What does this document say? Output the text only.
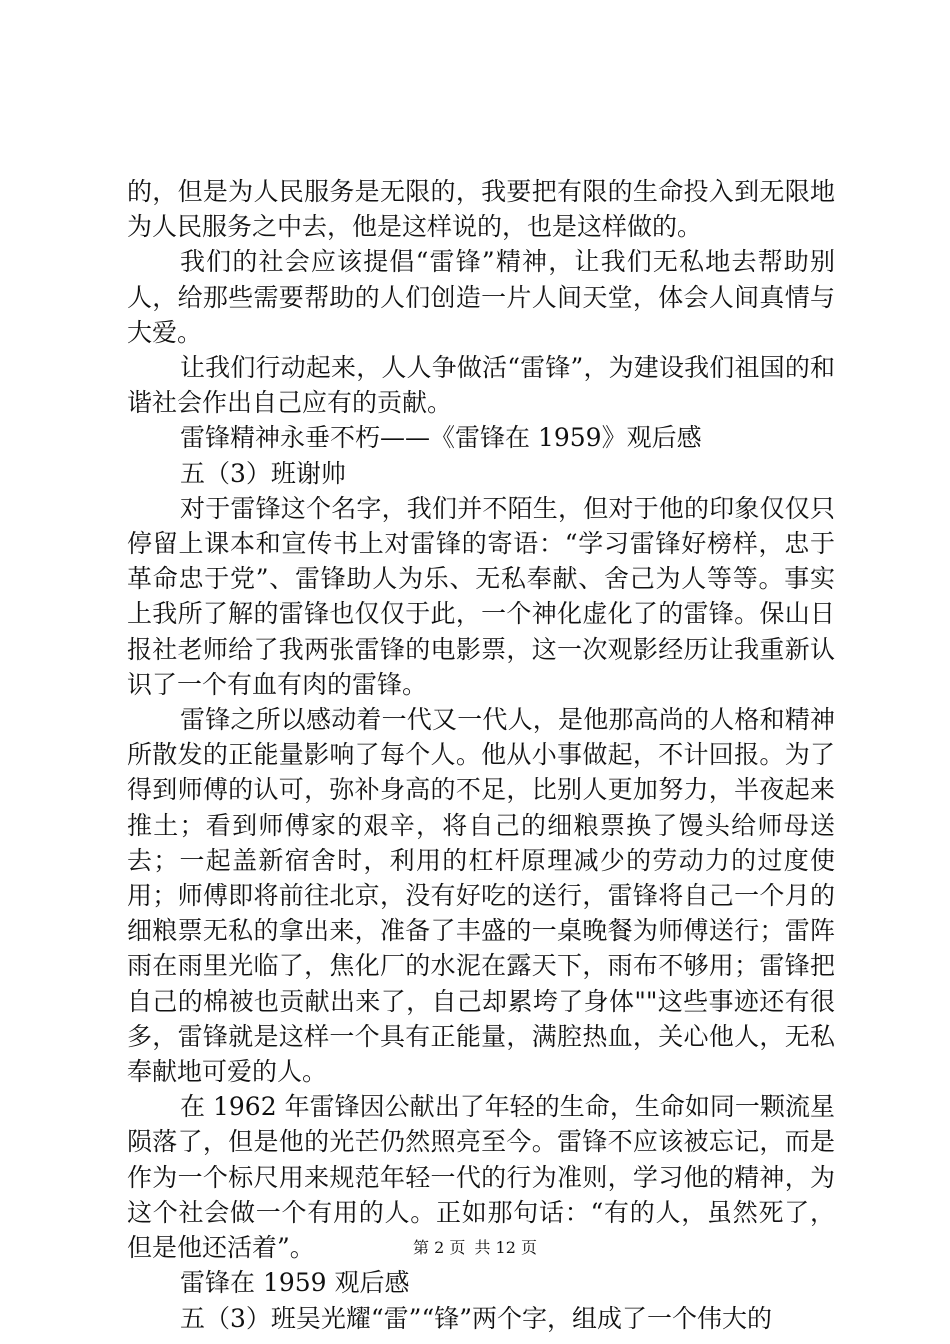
的，但是为人民服务是无限的，我要把有限的生命投入到无限地为人民服务之中去，他是这样说的，也是这样做的。

我们的社会应该提倡“雷锋”精神，让我们无私地去帮助别人，给那些需要帮助的人们创造一片人间天堂，体会人间真情与大爱。

让我们行动起来，人人争做活“雷锋”，为建设我们祖国的和谐社会作出自己应有的贡献。

雷锋精神永垂不朽——《雷锋在 1959》观后感

五（3）班谢帅

对于雷锋这个名字，我们并不陌生，但对于他的印象仅仅只停留上课本和宣传书上对雷锋的寄语：“学习雷锋好榜样，忠于革命忠于党”、雷锋助人为乐、无私奉献、舍己为人等等。事实上我所了解的雷锋也仅仅于此，一个神化虚化了的雷锋。保山日报社老师给了我两张雷锋的电影票，这一次观影经历让我重新认识了一个有血有肉的雷锋。

雷锋之所以感动着一代又一代人，是他那高尚的人格和精神所散发的正能量影响了每个人。他从小事做起，不计回报。为了得到师傅的认可，弥补身高的不足，比别人更加努力，半夜起来推土；看到师傅家的艰辛，将自己的细粮票换了馒头给师母送去；一起盖新宿舍时，利用的杠杆原理减少的劳动力的过度使用；师傅即将前往北京，没有好吃的送行，雷锋将自己一个月的细粮票无私的拿出来，准备了丰盛的一桌晚餐为师傅送行；雷阵雨在雨里光临了，焦化厂的水泥在露天下，雨布不够用；雷锋把自己的棉被也贡献出来了，自己却累垮了身体""这些事迹还有很多，雷锋就是这样一个具有正能量，满腔热血，关心他人，无私奉献地可爱的人。

在 1962 年雷锋因公献出了年轻的生命，生命如同一颗流星陨落了，但是他的光芒仍然照亮至今。雷锋不应该被忘记，而是作为一个标尺用来规范年轻一代的行为准则，学习他的精神，为这个社会做一个有用的人。正如那句话：“有的人，虽然死了，但是他还活着”。

雷锋在 1959 观后感

五（3）班吴光耀“雷”“锋”两个字，组成了一个伟大的

第 2 页 共 12 页
